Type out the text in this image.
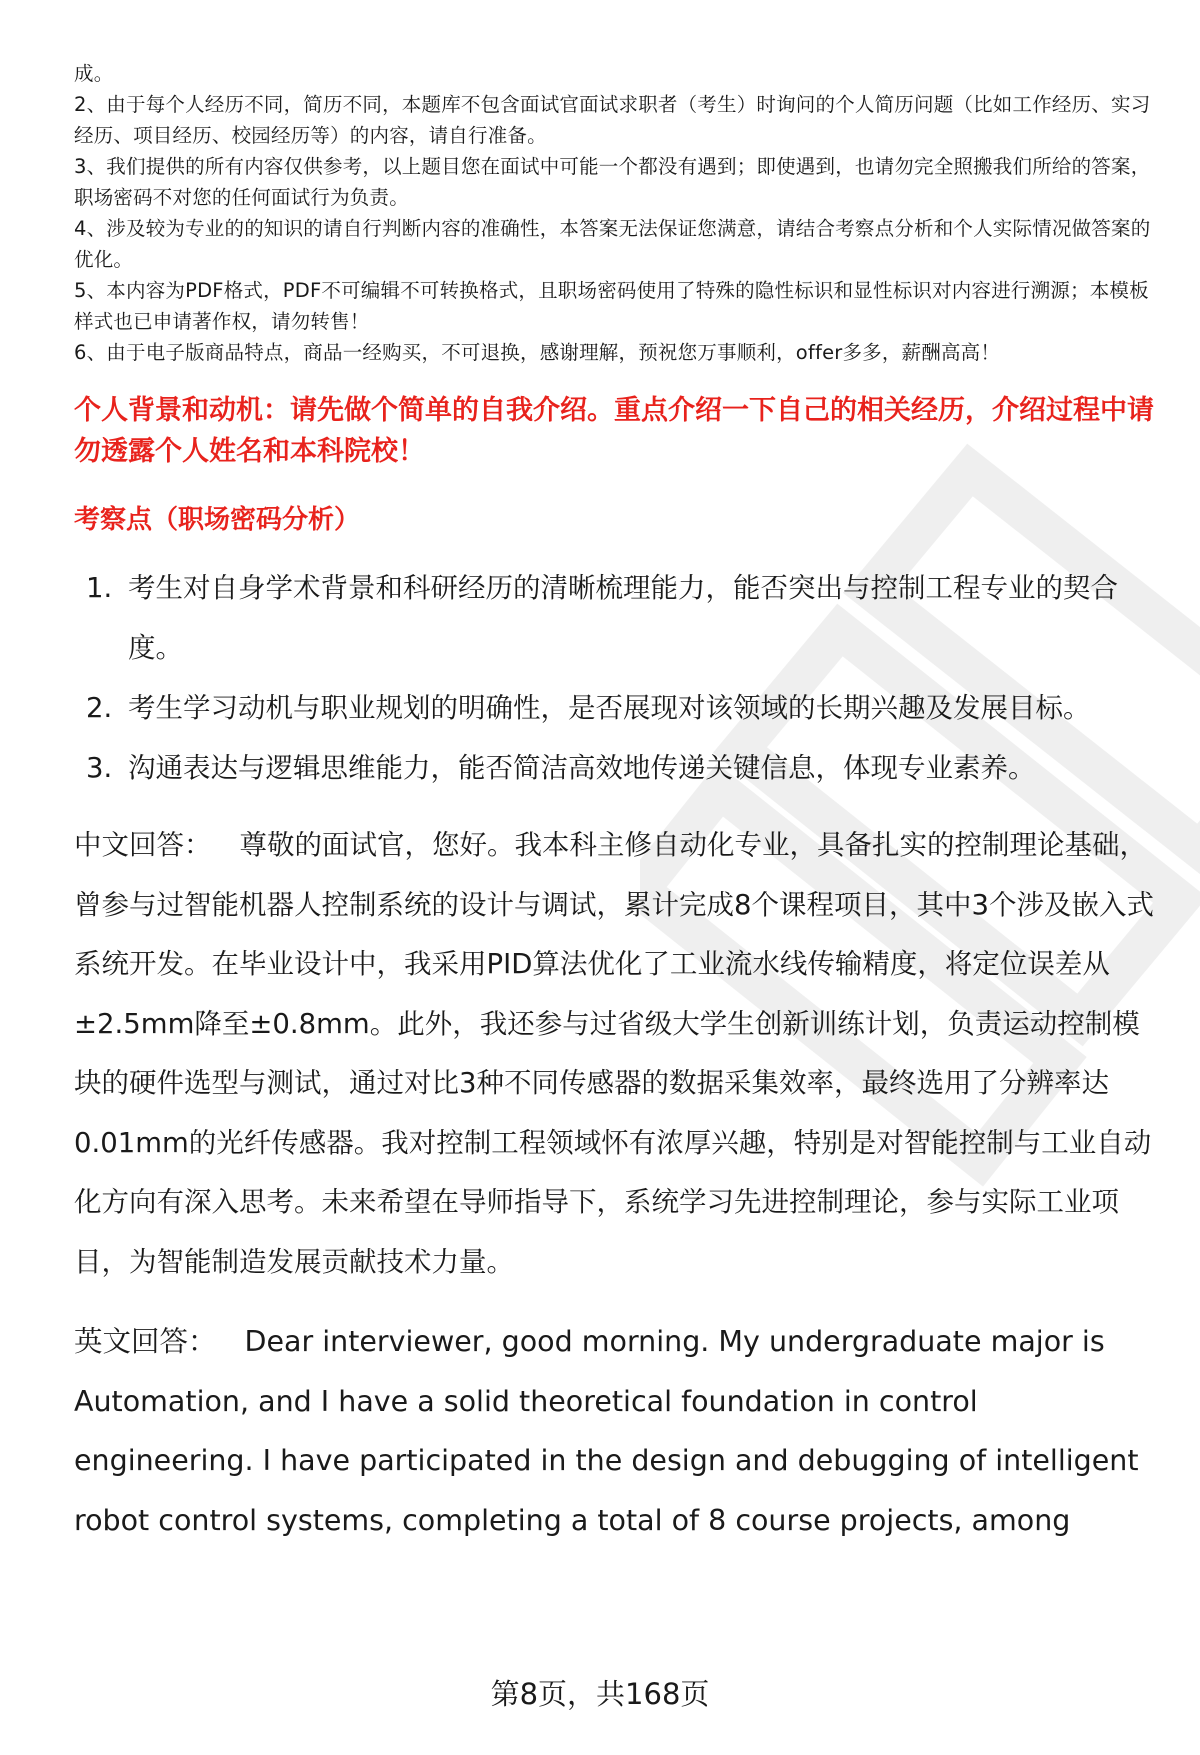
成。

2、由于每个人经历不同，简历不同，本题库不包含面试官面试求职者（考生）时询问的个人简历问题（比如工作经历、实习经历、项目经历、校园经历等）的内容，请自行准备。

3、我们提供的所有内容仅供参考，以上题目您在面试中可能一个都没有遇到；即使遇到，也请勿完全照搬我们所给的答案，职场密码不对您的任何面试行为负责。

4、涉及较为专业的的知识的请自行判断内容的准确性，本答案无法保证您满意，请结合考察点分析和个人实际情况做答案的优化。

5、本内容为PDF格式，PDF不可编辑不可转换格式，且职场密码使用了特殊的隐性标识和显性标识对内容进行溯源；本模板样式也已申请著作权，请勿转售！

6、由于电子版商品特点，商品一经购买，不可退换，感谢理解，预祝您万事顺利，offer多多，薪酬高高！

个人背景和动机：请先做个简单的自我介绍。重点介绍一下自己的相关经历，介绍过程中请勿透露个人姓名和本科院校！
考察点（职场密码分析）
1. 考生对自身学术背景和科研经历的清晰梳理能力，能否突出与控制工程专业的契合度。
2. 考生学习动机与职业规划的明确性，是否展现对该领域的长期兴趣及发展目标。
3. 沟通表达与逻辑思维能力，能否简洁高效地传递关键信息，体现专业素养。

中文回答： 尊敬的面试官，您好。我本科主修自动化专业，具备扎实的控制理论基础，曾参与过智能机器人控制系统的设计与调试，累计完成8个课程项目，其中3个涉及嵌入式系统开发。在毕业设计中，我采用PID算法优化了工业流水线传输精度，将定位误差从±2.5mm降至±0.8mm。此外，我还参与过省级大学生创新训练计划，负责运动控制模块的硬件选型与测试，通过对比3种不同传感器的数据采集效率，最终选用了分辨率达0.01mm的光纤传感器。我对控制工程领域怀有浓厚兴趣，特别是对智能控制与工业自动化方向有深入思考。未来希望在导师指导下，系统学习先进控制理论，参与实际工业项目，为智能制造发展贡献技术力量。

英文回答： Dear interviewer, good morning. My undergraduate major is Automation, and I have a solid theoretical foundation in control engineering. I have participated in the design and debugging of intelligent robot control systems, completing a total of 8 course projects, among

第8页，共168页
